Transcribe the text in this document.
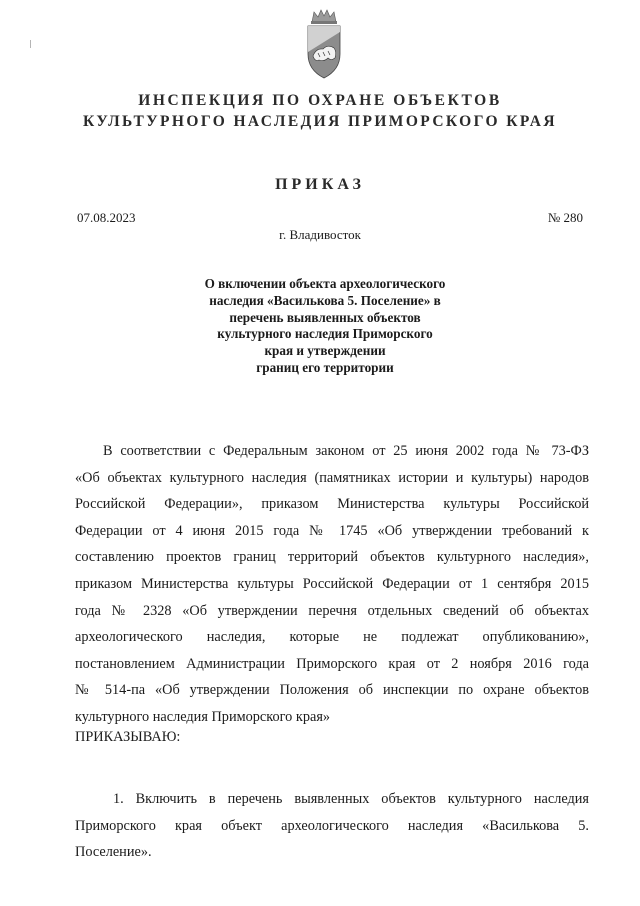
ИНСПЕКЦИЯ ПО ОХРАНЕ ОБЪЕКТОВ
КУЛЬТУРНОГО НАСЛЕДИЯ ПРИМОРСКОГО КРАЯ
ПРИКАЗ
07.08.2023	№ 280
г. Владивосток
О включении объекта археологического
наследия «Василькова 5. Поселение» в
перечень выявленных объектов
культурного наследия Приморского
края и утверждении
границ его территории
В соответствии с Федеральным законом от 25 июня 2002 года № 73-ФЗ
«Об объектах культурного наследия (памятниках истории и культуры) народов
Российской Федерации», приказом Министерства культуры Российской
Федерации от 4 июня 2015 года № 1745 «Об утверждении требований к
составлению проектов границ территорий объектов культурного наследия»,
приказом Министерства культуры Российской Федерации от 1 сентября 2015
года № 2328 «Об утверждении перечня отдельных сведений об объектах
археологического наследия, которые не подлежат опубликованию»,
постановлением Администрации Приморского края от 2 ноября 2016 года
№ 514-па «Об утверждении Положения об инспекции по охране объектов
культурного наследия Приморского края»
ПРИКАЗЫВАЮ:
1. Включить в перечень выявленных объектов культурного наследия
Приморского края объект археологического наследия «Василькова 5.
Поселение».
